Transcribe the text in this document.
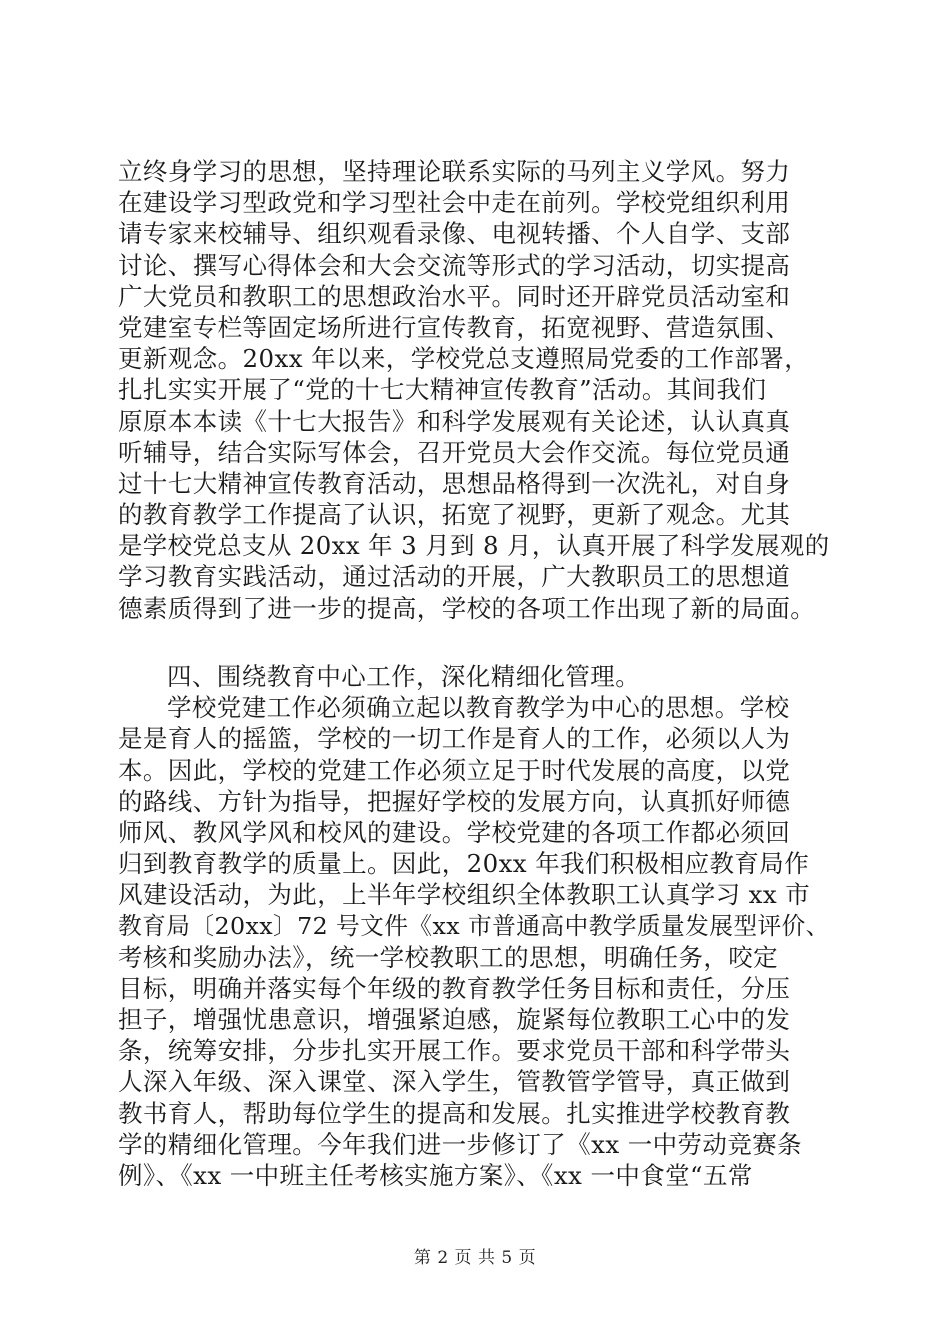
立终身学习的思想，坚持理论联系实际的马列主义学风。努力
在建设学习型政党和学习型社会中走在前列。学校党组织利用
请专家来校辅导、组织观看录像、电视转播、个人自学、支部
讨论、撰写心得体会和大会交流等形式的学习活动，切实提高
广大党员和教职工的思想政治水平。同时还开辟党员活动室和
党建室专栏等固定场所进行宣传教育，拓宽视野、营造氛围、
更新观念。20xx 年以来，学校党总支遵照局党委的工作部署，
扎扎实实开展了“党的十七大精神宣传教育”活动。其间我们
原原本本读《十七大报告》和科学发展观有关论述，认认真真
听辅导，结合实际写体会，召开党员大会作交流。每位党员通
过十七大精神宣传教育活动，思想品格得到一次洗礼，对自身
的教育教学工作提高了认识，拓宽了视野，更新了观念。尤其
是学校党总支从 20xx 年 3 月到 8 月，认真开展了科学发展观的
学习教育实践活动，通过活动的开展，广大教职员工的思想道
德素质得到了进一步的提高，学校的各项工作出现了新的局面。
四、围绕教育中心工作，深化精细化管理。
学校党建工作必须确立起以教育教学为中心的思想。学校
是是育人的摇篮，学校的一切工作是育人的工作，必须以人为
本。因此，学校的党建工作必须立足于时代发展的高度，以党
的路线、方针为指导，把握好学校的发展方向，认真抓好师德
师风、教风学风和校风的建设。学校党建的各项工作都必须回
归到教育教学的质量上。因此，20xx 年我们积极相应教育局作
风建设活动，为此，上半年学校组织全体教职工认真学习 xx 市
教育局〔20xx〕72 号文件《xx 市普通高中教学质量发展型评价、
考核和奖励办法》，统一学校教职工的思想，明确任务，咬定
目标，明确并落实每个年级的教育教学任务目标和责任，分压
担子，增强忧患意识，增强紧迫感，旋紧每位教职工心中的发
条，统筹安排，分步扎实开展工作。要求党员干部和科学带头
人深入年级、深入课堂、深入学生，管教管学管导，真正做到
教书育人，帮助每位学生的提高和发展。扎实推进学校教育教
学的精细化管理。今年我们进一步修订了《xx 一中劳动竞赛条
例》、《xx 一中班主任考核实施方案》、《xx 一中食堂“五常
第 2 页 共 5 页
